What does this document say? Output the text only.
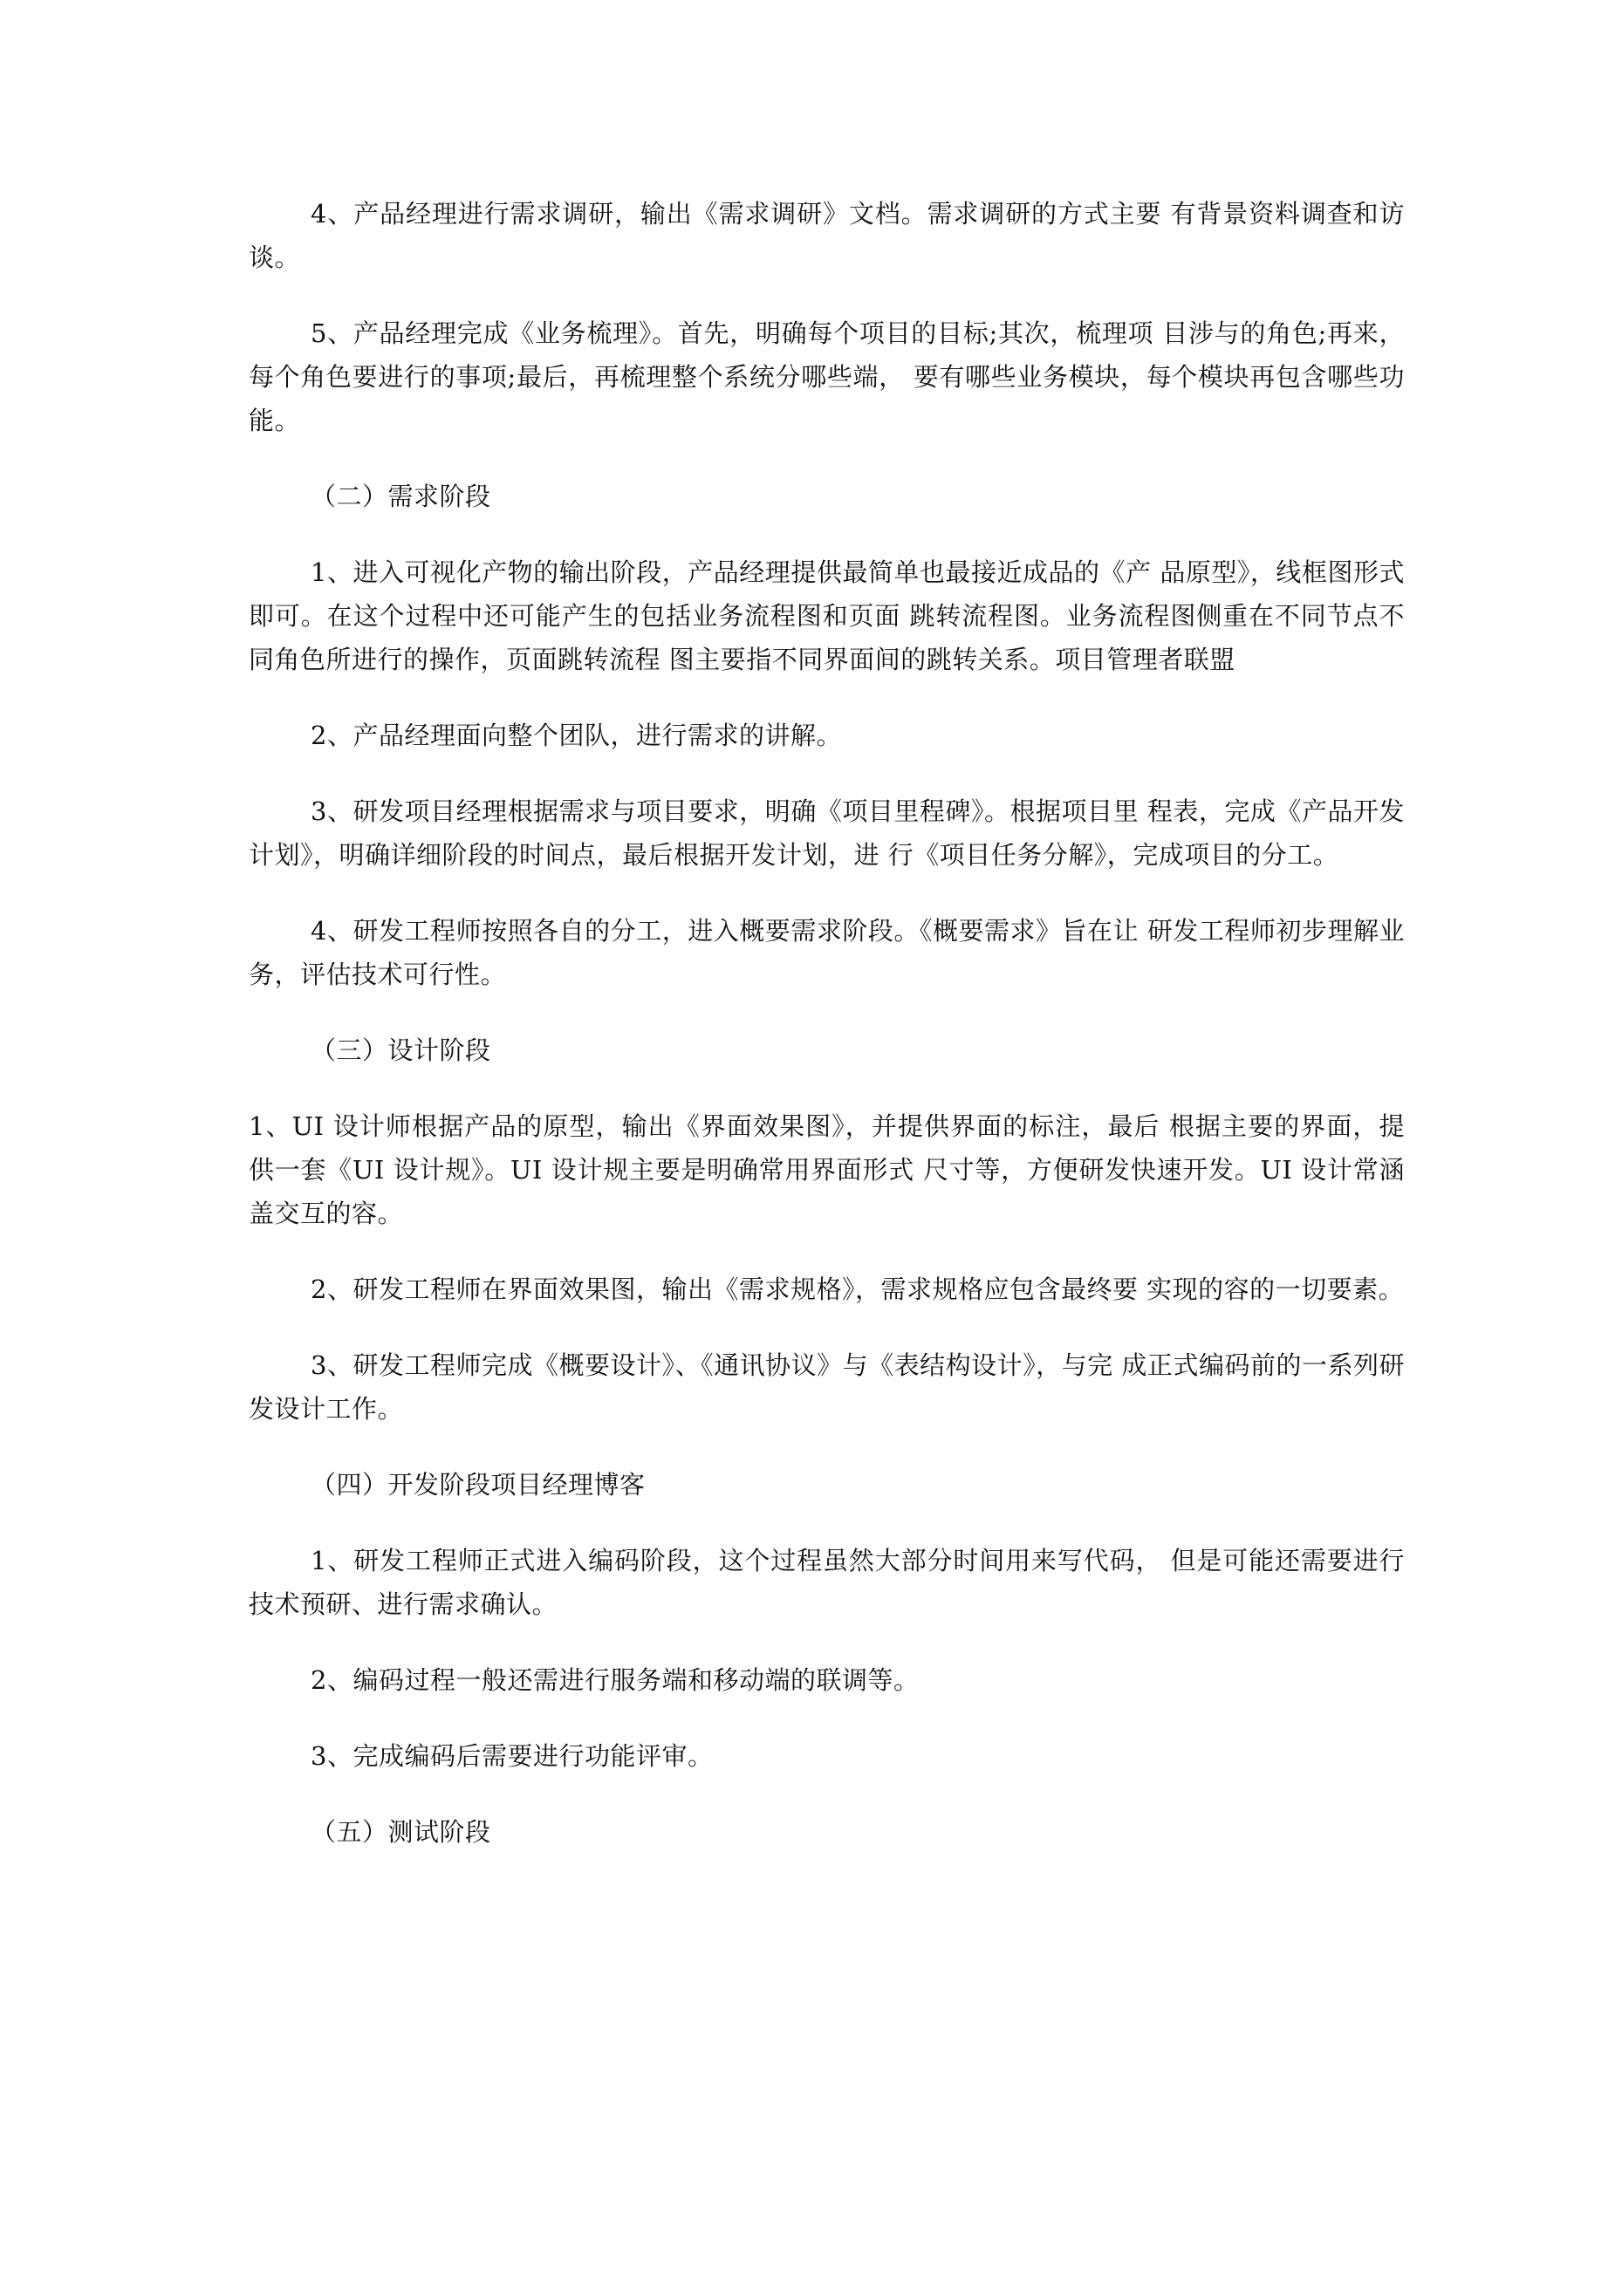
4、产品经理进行需求调研，输出《需求调研》文档。需求调研的方式主要 有背景资料调查和访谈。

5、产品经理完成《业务梳理》。首先，明确每个项目的目标;其次，梳理项 目涉与的角色;再来，每个角色要进行的事项;最后，再梳理整个系统分哪些端， 要有哪些业务模块，每个模块再包含哪些功能。

（二）需求阶段

1、进入可视化产物的输出阶段，产品经理提供最简单也最接近成品的《产 品原型》，线框图形式即可。在这个过程中还可能产生的包括业务流程图和页面 跳转流程图。业务流程图侧重在不同节点不同角色所进行的操作，页面跳转流程 图主要指不同界面间的跳转关系。项目管理者联盟

2、产品经理面向整个团队，进行需求的讲解。

3、研发项目经理根据需求与项目要求，明确《项目里程碑》。根据项目里 程表，完成《产品开发计划》，明确详细阶段的时间点，最后根据开发计划，进 行《项目任务分解》，完成项目的分工。

4、研发工程师按照各自的分工，进入概要需求阶段。《概要需求》旨在让 研发工程师初步理解业务，评估技术可行性。

（三）设计阶段

1、UI 设计师根据产品的原型，输出《界面效果图》，并提供界面的标注，最后 根据主要的界面，提供一套《UI 设计规》。UI 设计规主要是明确常用界面形式 尺寸等，方便研发快速开发。UI 设计常涵盖交互的容。

2、研发工程师在界面效果图，输出《需求规格》，需求规格应包含最终要 实现的容的一切要素。

3、研发工程师完成《概要设计》、《通讯协议》与《表结构设计》，与完 成正式编码前的一系列研发设计工作。

（四）开发阶段项目经理博客

1、研发工程师正式进入编码阶段，这个过程虽然大部分时间用来写代码， 但是可能还需要进行技术预研、进行需求确认。

2、编码过程一般还需进行服务端和移动端的联调等。

3、完成编码后需要进行功能评审。

（五）测试阶段
